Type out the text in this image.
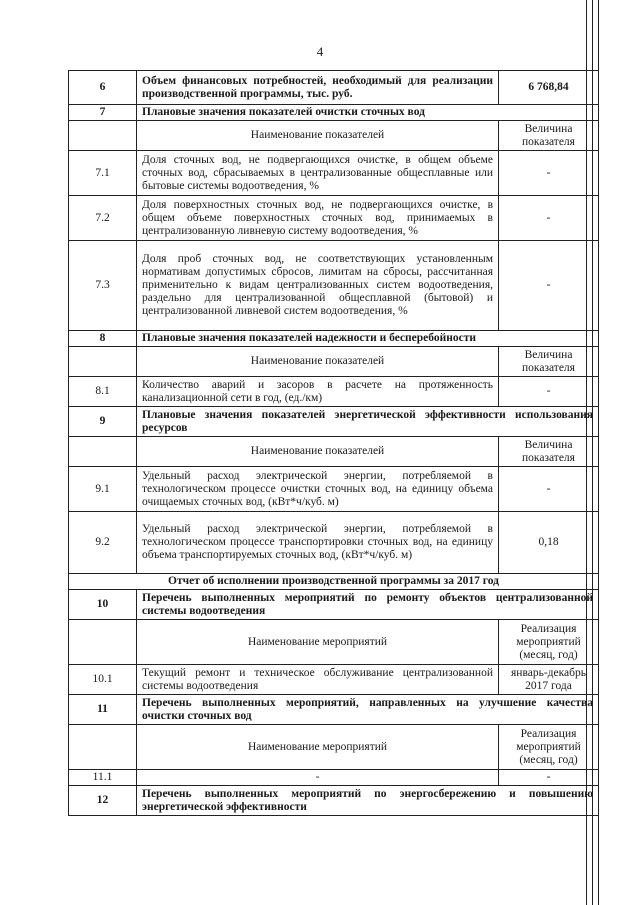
4
6	Объем финансовых потребностей, необходимый для реализации производственной программы, тыс. руб.	6 768,84
7	Плановые значения показателей очистки сточных вод	
	Наименование показателей	Величина показателя
7.1	Доля сточных вод, не подвергающихся очистке, в общем объеме сточных вод, сбрасываемых в централизованные общесплавные или бытовые системы водоотведения, %	-
7.2	Доля поверхностных сточных вод, не подвергающихся очистке, в общем объеме поверхностных сточных вод, принимаемых в централизованную ливневую систему водоотведения, %	-
7.3	Доля проб сточных вод, не соответствующих установленным нормативам допустимых сбросов, лимитам на сбросы, рассчитанная применительно к видам централизованных систем водоотведения, раздельно для централизованной общесплавной (бытовой) и централизованной ливневой систем водоотведения, %	-
8	Плановые значения показателей надежности и бесперебойности	
	Наименование показателей	Величина показателя
8.1	Количество аварий и засоров в расчете на протяженность канализационной сети в год, (ед./км)	-
9	Плановые значения показателей энергетической эффективности использования ресурсов	
	Наименование показателей	Величина показателя
9.1	Удельный расход электрической энергии, потребляемой в технологическом процессе очистки сточных вод, на единицу объема очищаемых сточных вод, (кВт*ч/куб. м)	-
9.2	Удельный расход электрической энергии, потребляемой в технологическом процессе транспортировки сточных вод, на единицу объема транспортируемых сточных вод, (кВт*ч/куб. м)	0,18
Отчет об исполнении производственной программы за 2017 год		
10	Перечень выполненных мероприятий по ремонту объектов централизованной системы водоотведения	
	Наименование мероприятий	Реализация мероприятий (месяц, год)
10.1	Текущий ремонт и техническое обслуживание централизованной системы водоотведения	январь-декабрь 2017 года
11	Перечень выполненных мероприятий, направленных на улучшение качества очистки сточных вод	
	Наименование мероприятий	Реализация мероприятий (месяц, год)
11.1	-	-
12	Перечень выполненных мероприятий по энергосбережению и повышению энергетической эффективности	
